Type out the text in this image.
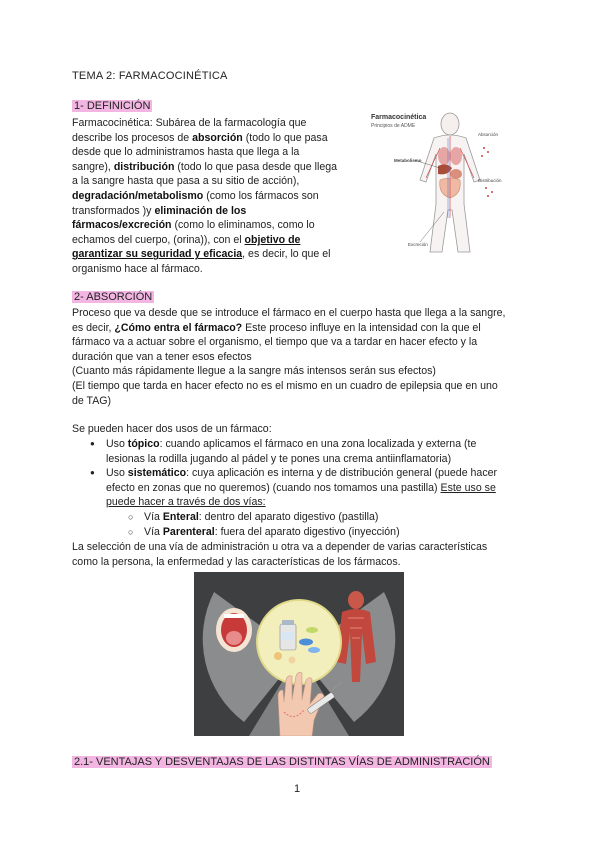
TEMA 2: FARMACOCINÉTICA
1- DEFINICIÓN
Farmacocinética: Subárea de la farmacología que
describe los procesos de absorción (todo lo que pasa
desde que lo administramos hasta que llega a la
sangre), distribución (todo lo que pasa desde que llega
a la sangre hasta que pasa a su sitio de acción),
degradación/metabolismo (como los fármacos son
transformados )y eliminación de los
fármacos/excreción (como lo eliminamos, como lo
echamos del cuerpo, (orina)), con el objetivo de
garantizar su seguridad y eficacia, es decir, lo que el
organismo hace al fármaco.
Farmacocinética
Principios de ADME
Absorción
Distribución
Metabolismo
Excreción
2- ABSORCIÓN
Proceso que va desde que se introduce el fármaco en el cuerpo hasta que llega a la sangre,
es decir, ¿Cómo entra el fármaco? Este proceso influye en la intensidad con la que el
fármaco va a actuar sobre el organismo, el tiempo que va a tardar en hacer efecto y la
duración que van a tener esos efectos
(Cuanto más rápidamente llegue a la sangre más intensos serán sus efectos)
(El tiempo que tarda en hacer efecto no es el mismo en un cuadro de epilepsia que en uno
de TAG)
Se pueden hacer dos usos de un fármaco:
● Uso tópico: cuando aplicamos el fármaco en una zona localizada y externa (te
lesionas la rodilla jugando al pádel y te pones una crema antiinflamatoria)
● Uso sistemático: cuya aplicación es interna y de distribución general (puede hacer
efecto en zonas que no queremos) (cuando nos tomamos una pastilla) Este uso se
puede hacer a través de dos vías:
○ Vía Enteral: dentro del aparato digestivo (pastilla)
○ Vía Parenteral: fuera del aparato digestivo (inyección)
La selección de una vía de administración u otra va a depender de varias características
como la persona, la enfermedad y las características de los fármacos.
2.1- VENTAJAS Y DESVENTAJAS DE LAS DISTINTAS VÍAS DE ADMINISTRACIÓN
1
